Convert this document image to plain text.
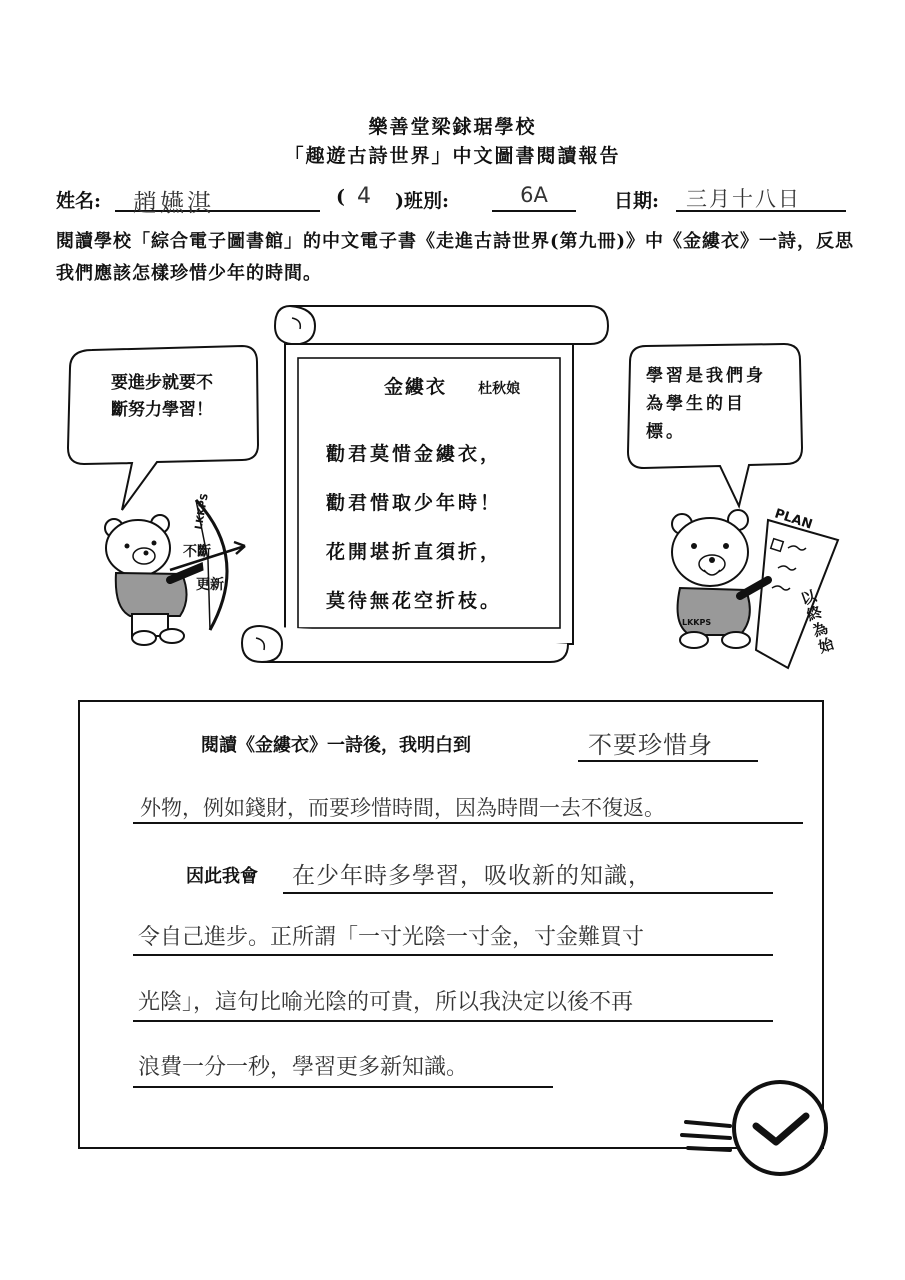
樂善堂梁銶琚學校
「趣遊古詩世界」中文圖書閱讀報告
姓名:	趙嬿淇	( 4 )班別:	6A	日期:	三月十八日
閱讀學校「綜合電子圖書館」的中文電子書《走進古詩世界(第九冊)》中《金縷衣》一詩，反思我們應該怎樣珍惜少年的時間。
金縷衣 杜秋娘
勸君莫惜金縷衣，
勸君惜取少年時！
花開堪折直須折，
莫待無花空折枝。
要進步就要不
斷努力學習！
學習是我們身
為學生的目
標。
LKKPS
不斷
更新
PLAN
以終為始
LKKPS
閱讀《金縷衣》一詩後，我明白到	不要珍惜身
外物，例如錢財，而要珍惜時間，因為時間一去不復返。
因此我會 在少年時多學習，吸收新的知識，
令自己進步。正所謂「一寸光陰一寸金，寸金難買寸
光陰」，這句比喻光陰的可貴，所以我決定以後不再
浪費一分一秒，學習更多新知識。
